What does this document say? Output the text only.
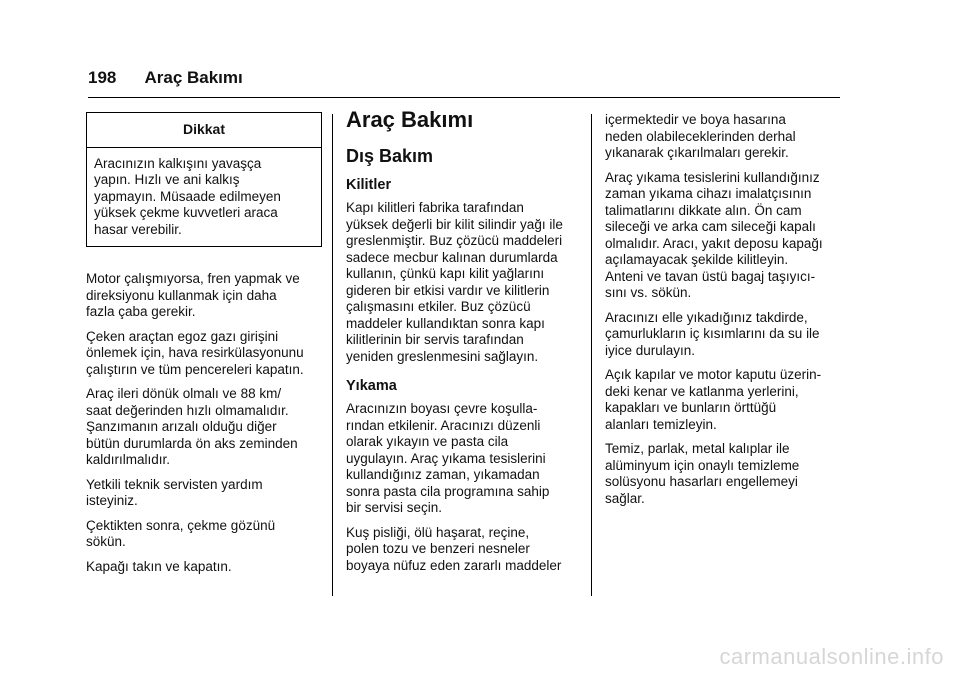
198 Araç Bakımı
Dikkat
Aracınızın kalkışını yavaşça
yapın. Hızlı ve ani kalkış
yapmayın. Müsaade edilmeyen
yüksek çekme kuvvetleri araca
hasar verebilir.

Motor çalışmıyorsa, fren yapmak ve
direksiyonu kullanmak için daha
fazla çaba gerekir.

Çeken araçtan egoz gazı girişini
önlemek için, hava resirkülasyonunu
çalıştırın ve tüm pencereleri kapatın.

Araç ileri dönük olmalı ve 88 km/
saat değerinden hızlı olmamalıdır.
Şanzımanın arızalı olduğu diğer
bütün durumlarda ön aks zeminden
kaldırılmalıdır.

Yetkili teknik servisten yardım
isteyiniz.

Çektikten sonra, çekme gözünü
sökün.

Kapağı takın ve kapatın.

Araç Bakımı
Dış Bakım
Kilitler

Kapı kilitleri fabrika tarafından
yüksek değerli bir kilit silindir yağı ile
greslenmiştir. Buz çözücü maddeleri
sadece mecbur kalınan durumlarda
kullanın, çünkü kapı kilit yağlarını
gideren bir etkisi vardır ve kilitlerin
çalışmasını etkiler. Buz çözücü
maddeler kullandıktan sonra kapı
kilitlerinin bir servis tarafından
yeniden greslenmesini sağlayın.

Yıkama

Aracınızın boyası çevre koşulla-
rından etkilenir. Aracınızı düzenli
olarak yıkayın ve pasta cila
uygulayın. Araç yıkama tesislerini
kullandığınız zaman, yıkamadan
sonra pasta cila programına sahip
bir servisi seçin.

Kuş pisliği, ölü haşarat, reçine,
polen tozu ve benzeri nesneler
boyaya nüfuz eden zararlı maddeler

içermektedir ve boya hasarına
neden olabileceklerinden derhal
yıkanarak çıkarılmaları gerekir.

Araç yıkama tesislerini kullandığınız
zaman yıkama cihazı imalatçısının
talimatlarını dikkate alın. Ön cam
sileceği ve arka cam sileceği kapalı
olmalıdır. Aracı, yakıt deposu kapağı
açılamayacak şekilde kilitleyin.
Anteni ve tavan üstü bagaj taşıyıcı-
sını vs. sökün.

Aracınızı elle yıkadığınız takdirde,
çamurlukların iç kısımlarını da su ile
iyice durulayın.

Açık kapılar ve motor kaputu üzerin-
deki kenar ve katlanma yerlerini,
kapakları ve bunların örttüğü
alanları temizleyin.

Temiz, parlak, metal kalıplar ile
alüminyum için onaylı temizleme
solüsyonu hasarları engellemeyi
sağlar.

carmanualsonline.info
